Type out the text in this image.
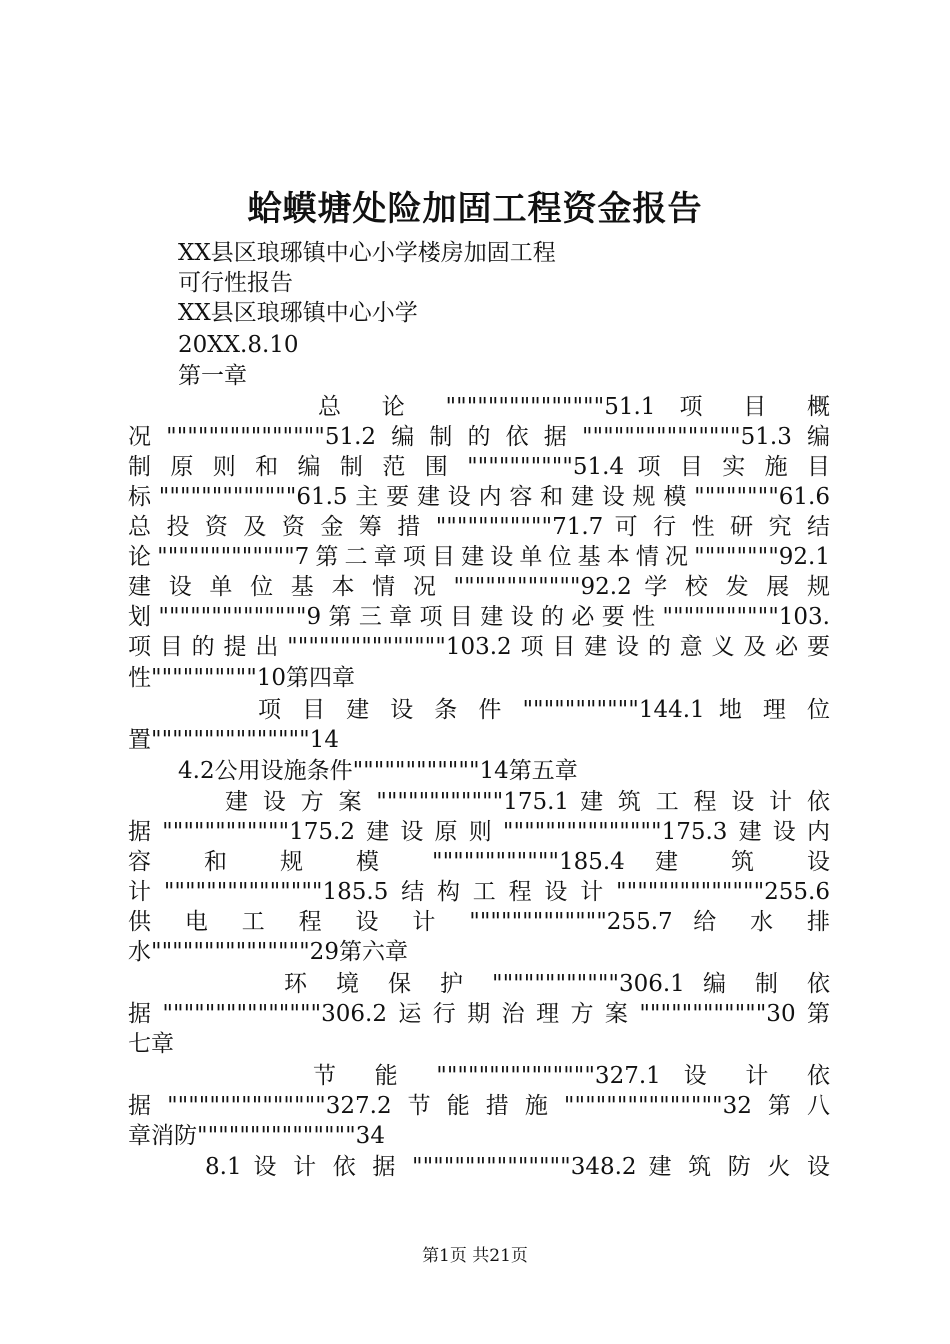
蛤蟆塘处险加固工程资金报告
XX县区琅琊镇中心小学楼房加固工程
可行性报告
XX县区琅琊镇中心小学
20XX.8.10
第一章
总 论 """""""""""""""51.1 项 目 概
况"""""""""""""""51.2编制的依据"""""""""""""""51.3编
制 原 则 和 编 制 范 围 """"""""""51.4 项 目 实 施 目
标"""""""""""""61.5主要建设内容和建设规模""""""""61.6
总 投 资 及 资 金 筹 措 """""""""""71.7 可 行 性 研 究 结
论"""""""""""""7第二章项目建设单位基本情况""""""""92.1
建 设 单 位 基 本 情 况 """"""""""""92.2 学 校 发 展 规
划""""""""""""""9第三章项目建设的必要性"""""""""""103.
项目的提出"""""""""""""""103.2项目建设的意义及必要
性""""""""""10第四章
项 目 建 设 条 件 """""""""""144.1 地 理 位
置"""""""""""""""14
4.2公用设施条件""""""""""""14第五章
建 设 方 案 """"""""""""175.1 建 筑 工 程 设 计 依
据""""""""""""175.2建设原则"""""""""""""""175.3建设内
容 和 规 模 """"""""""""185.4 建 筑 设
计"""""""""""""""185.5结构工程设计""""""""""""""255.6
供 电 工 程 设 计 """""""""""""255.7 给 水 排
水"""""""""""""""29第六章
环 境 保 护 """"""""""""306.1 编 制 依
据"""""""""""""""306.2运行期治理方案""""""""""""30第
七章
节 能 """""""""""""""327.1 设 计 依
据"""""""""""""""327.2节能措施"""""""""""""""32第八
章消防"""""""""""""""34
8.1 设 计 依 据 """""""""""""""348.2 建 筑 防 火 设
第1页 共21页
